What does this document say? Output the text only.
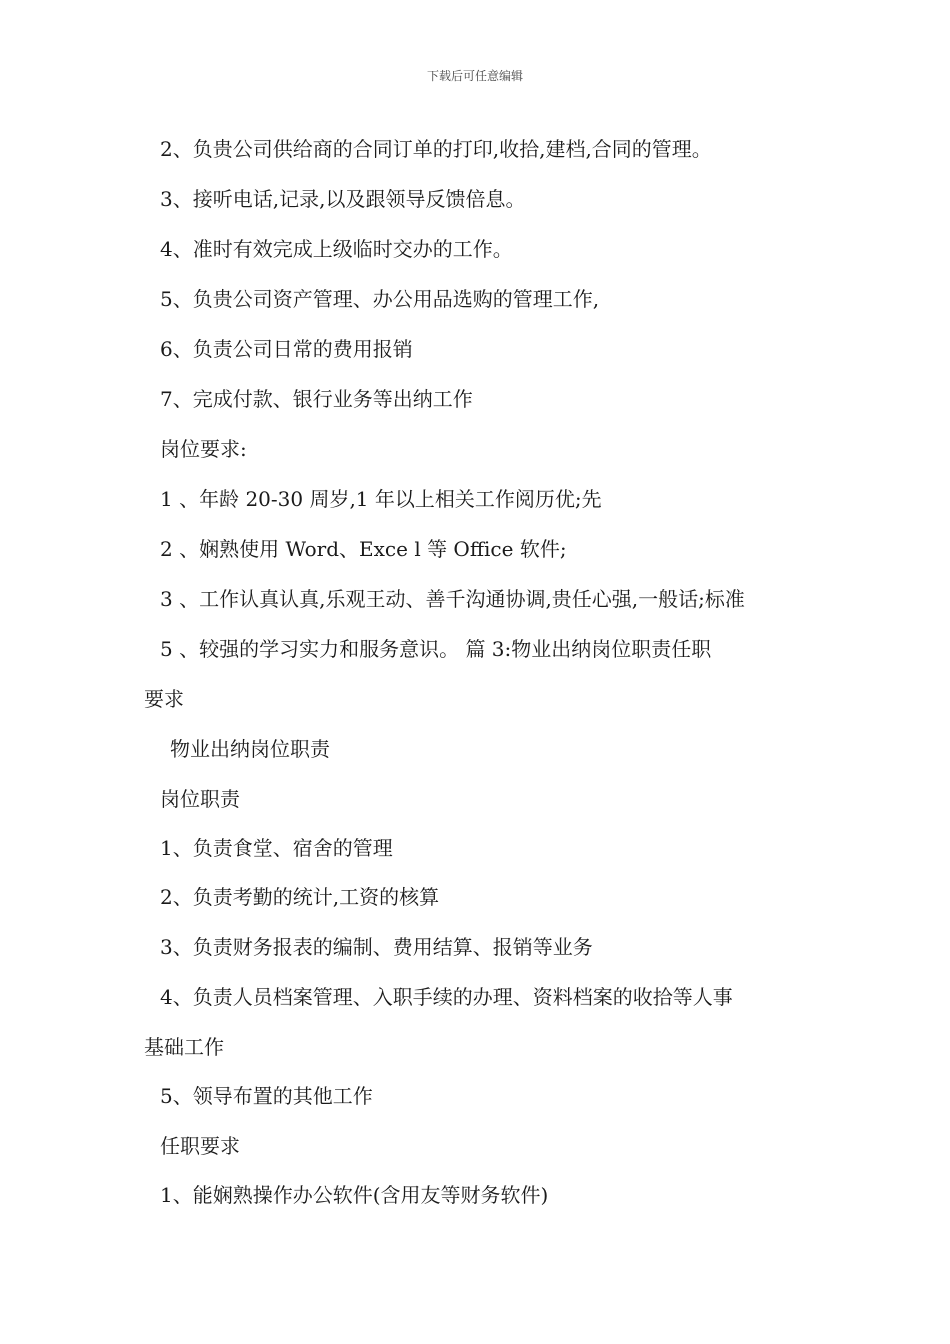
下载后可任意编辑
2、负贵公司供给商的合同订单的打印,收拾,建档,合同的管理。
3、接听电话,记录,以及跟领导反馈倍息。
4、准时有效完成上级临时交办的工作。
5、负贵公司资产管理、办公用品选购的管理工作,
6、负责公司日常的费用报销
7、完成付款、银行业务等出纳工作
岗位要求:
1 、年龄 20-30 周岁,1 年以上相关工作阅历优;先
2 、娴熟使用 Word、Exce l 等 Office 软件;
3 、工作认真认真,乐观王动、善千沟通协调,贵任心强,一般话;标准
5 、较强的学习实力和服务意识。 篇 3:物业出纳岗位职责任职
要求
物业出纳岗位职责
岗位职责
1、负责食堂、宿舍的管理
2、负责考勤的统计,工资的核算
3、负责财务报表的编制、费用结算、报销等业务
4、负责人员档案管理、入职手续的办理、资料档案的收拾等人事
基础工作
5、领导布置的其他工作
任职要求
1、能娴熟操作办公软件(含用友等财务软件)
